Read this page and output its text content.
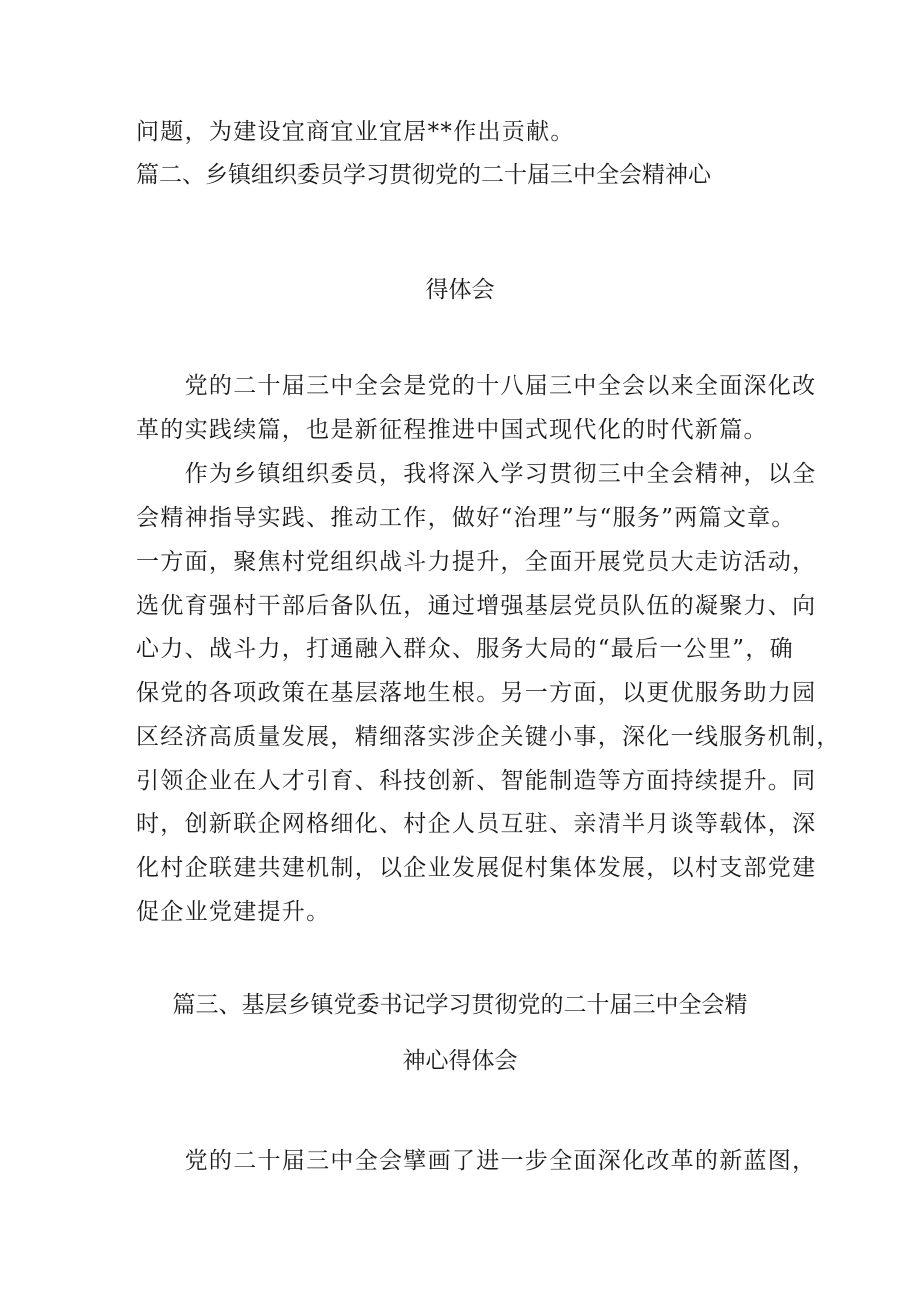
问题，为建设宜商宜业宜居**作出贡献。
篇二、乡镇组织委员学习贯彻党的二十届三中全会精神心
得体会
　　党的二十届三中全会是党的十八届三中全会以来全面深化改
革的实践续篇，也是新征程推进中国式现代化的时代新篇。
　　作为乡镇组织委员，我将深入学习贯彻三中全会精神，以全
会精神指导实践、推动工作，做好“治理”与“服务”两篇文章。
一方面，聚焦村党组织战斗力提升，全面开展党员大走访活动，
选优育强村干部后备队伍，通过增强基层党员队伍的凝聚力、向
心力、战斗力，打通融入群众、服务大局的“最后一公里”，确
保党的各项政策在基层落地生根。另一方面，以更优服务助力园
区经济高质量发展，精细落实涉企关键小事，深化一线服务机制，
引领企业在人才引育、科技创新、智能制造等方面持续提升。同
时，创新联企网格细化、村企人员互驻、亲清半月谈等载体，深
化村企联建共建机制，以企业发展促村集体发展，以村支部党建
促企业党建提升。
篇三、基层乡镇党委书记学习贯彻党的二十届三中全会精
神心得体会
　　党的二十届三中全会擘画了进一步全面深化改革的新蓝图，
